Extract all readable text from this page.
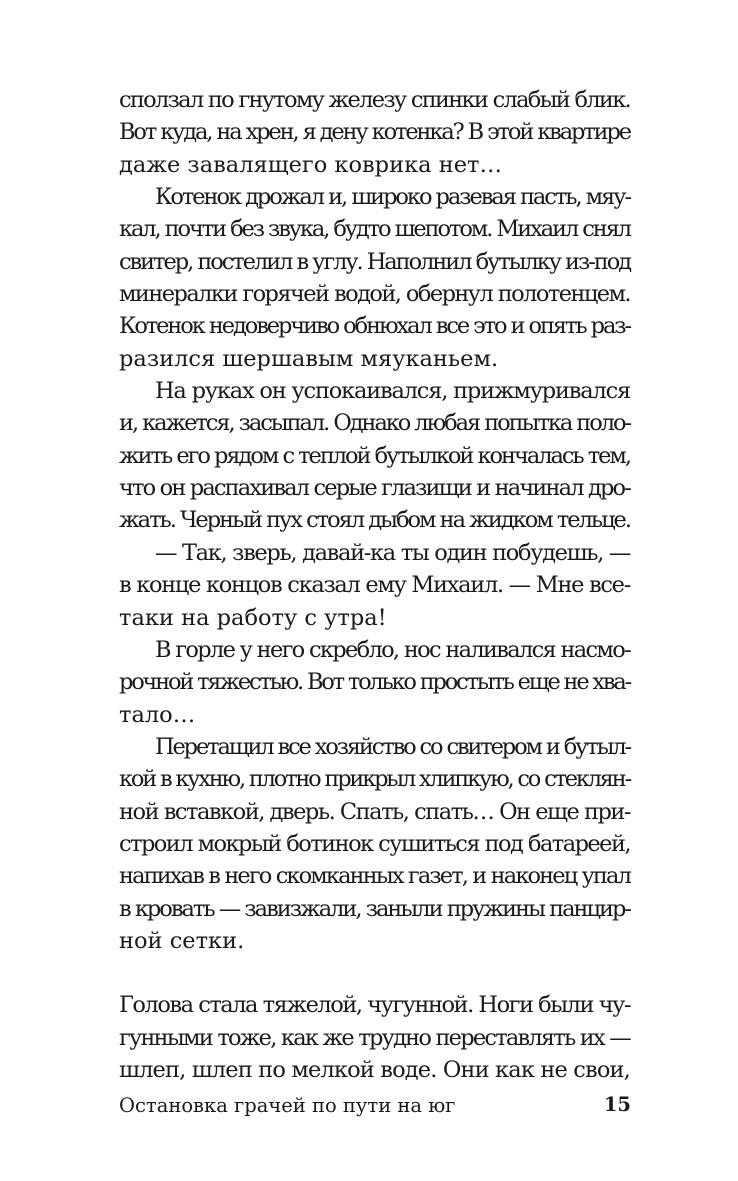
сползал по гнутому железу спинки слабый блик.
Вот куда, на хрен, я дену котенка? В этой квартире
даже завалящего коврика нет…
Котенок дрожал и, широко разевая пасть, мяу-
кал, почти без звука, будто шепотом. Михаил снял
свитер, постелил в углу. Наполнил бутылку из-под
минералки горячей водой, обернул полотенцем.
Котенок недоверчиво обнюхал все это и опять раз-
разился шершавым мяуканьем.
На руках он успокаивался, прижмуривался
и, кажется, засыпал. Однако любая попытка поло-
жить его рядом с теплой бутылкой кончалась тем,
что он распахивал серые глазищи и начинал дро-
жать. Черный пух стоял дыбом на жидком тельце.
— Так, зверь, давай-ка ты один побудешь, —
в конце концов сказал ему Михаил. — Мне все-
таки на работу с утра!
В горле у него скребло, нос наливался насмо-
рочной тяжестью. Вот только простыть еще не хва-
тало…
Перетащил все хозяйство со свитером и бутыл-
кой в кухню, плотно прикрыл хлипкую, со стеклян-
ной вставкой, дверь. Спать, спать… Он еще при-
строил мокрый ботинок сушиться под батареей,
напихав в него скомканных газет, и наконец упал
в кровать — завизжали, заныли пружины панцир-
ной сетки.
Голова стала тяжелой, чугунной. Ноги были чу-
гунными тоже, как же трудно переставлять их —
шлеп, шлеп по мелкой воде. Они как не свои,
Остановка грачей по пути на юг	15
